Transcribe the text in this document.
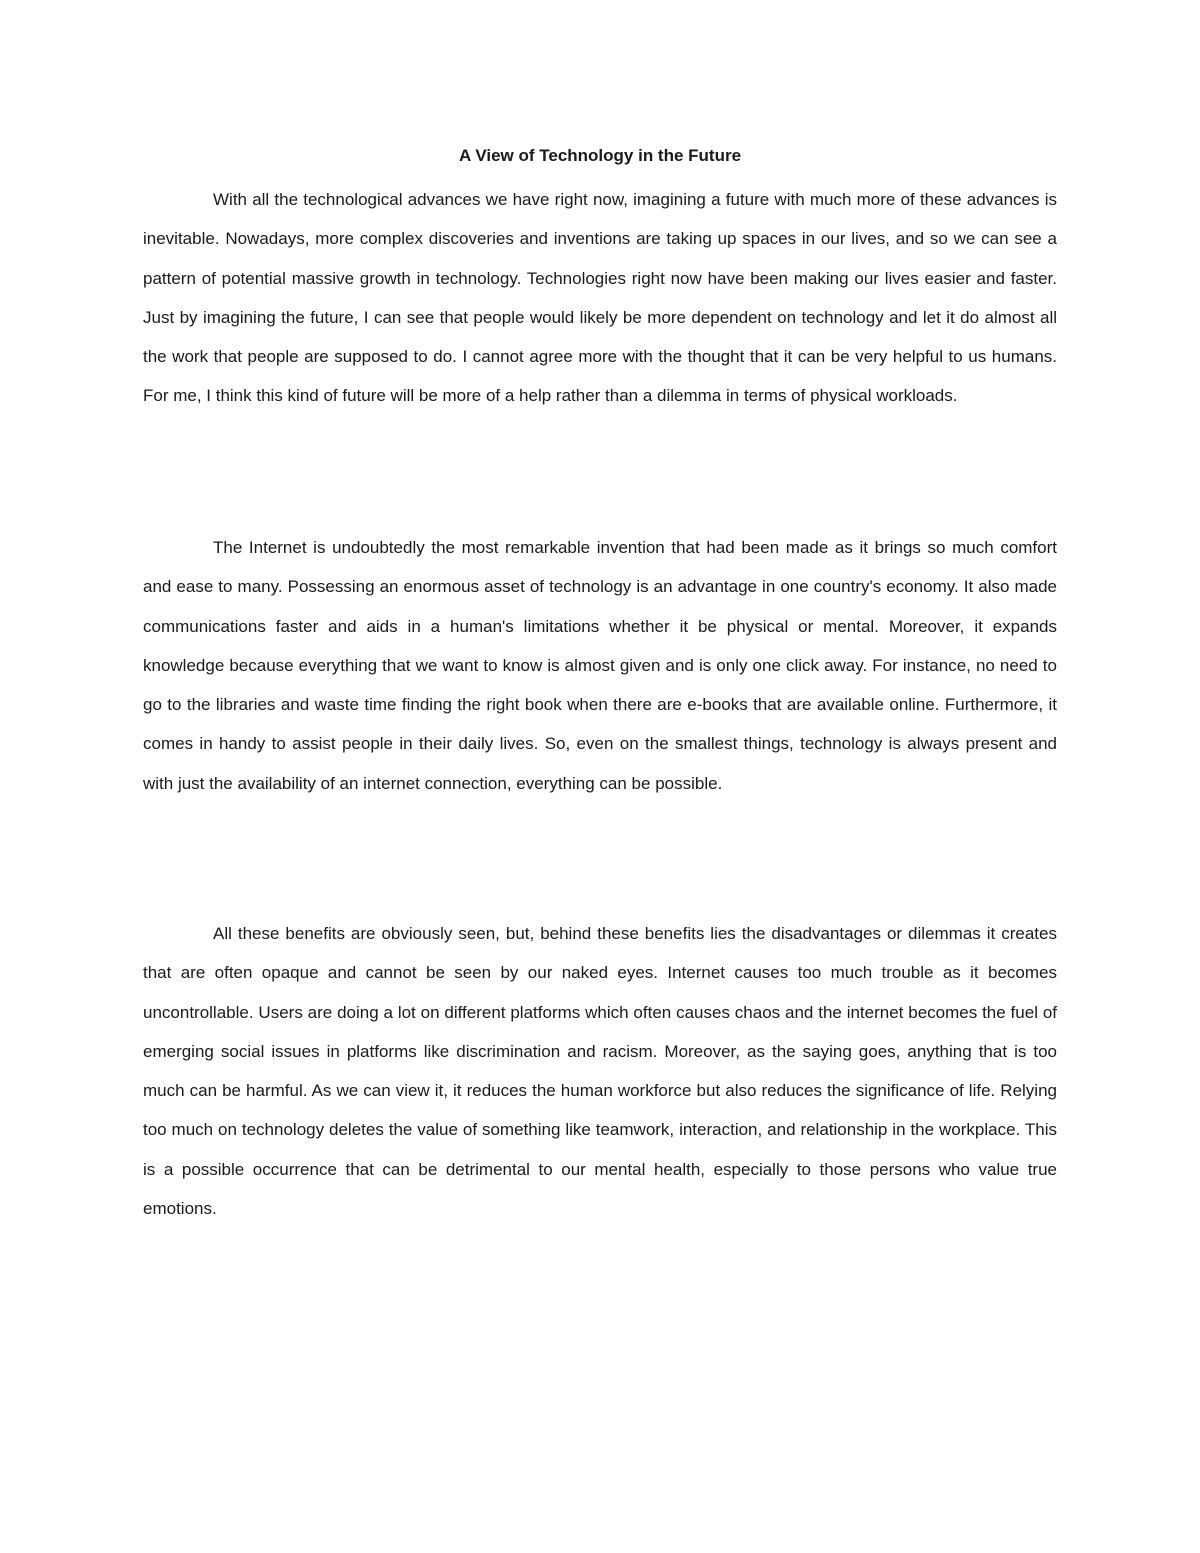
A View of Technology in the Future

With all the technological advances we have right now, imagining a future with much more of these advances is inevitable. Nowadays, more complex discoveries and inventions are taking up spaces in our lives, and so we can see a pattern of potential massive growth in technology. Technologies right now have been making our lives easier and faster. Just by imagining the future, I can see that people would likely be more dependent on technology and let it do almost all the work that people are supposed to do. I cannot agree more with the thought that it can be very helpful to us humans. For me, I think this kind of future will be more of a help rather than a dilemma in terms of physical workloads.

The Internet is undoubtedly the most remarkable invention that had been made as it brings so much comfort and ease to many. Possessing an enormous asset of technology is an advantage in one country's economy. It also made communications faster and aids in a human's limitations whether it be physical or mental. Moreover, it expands knowledge because everything that we want to know is almost given and is only one click away. For instance, no need to go to the libraries and waste time finding the right book when there are e-books that are available online. Furthermore, it comes in handy to assist people in their daily lives. So, even on the smallest things, technology is always present and with just the availability of an internet connection, everything can be possible.

All these benefits are obviously seen, but, behind these benefits lies the disadvantages or dilemmas it creates that are often opaque and cannot be seen by our naked eyes. Internet causes too much trouble as it becomes uncontrollable. Users are doing a lot on different platforms which often causes chaos and the internet becomes the fuel of emerging social issues in platforms like discrimination and racism. Moreover, as the saying goes, anything that is too much can be harmful. As we can view it, it reduces the human workforce but also reduces the significance of life. Relying too much on technology deletes the value of something like teamwork, interaction, and relationship in the workplace. This is a possible occurrence that can be detrimental to our mental health, especially to those persons who value true emotions.
